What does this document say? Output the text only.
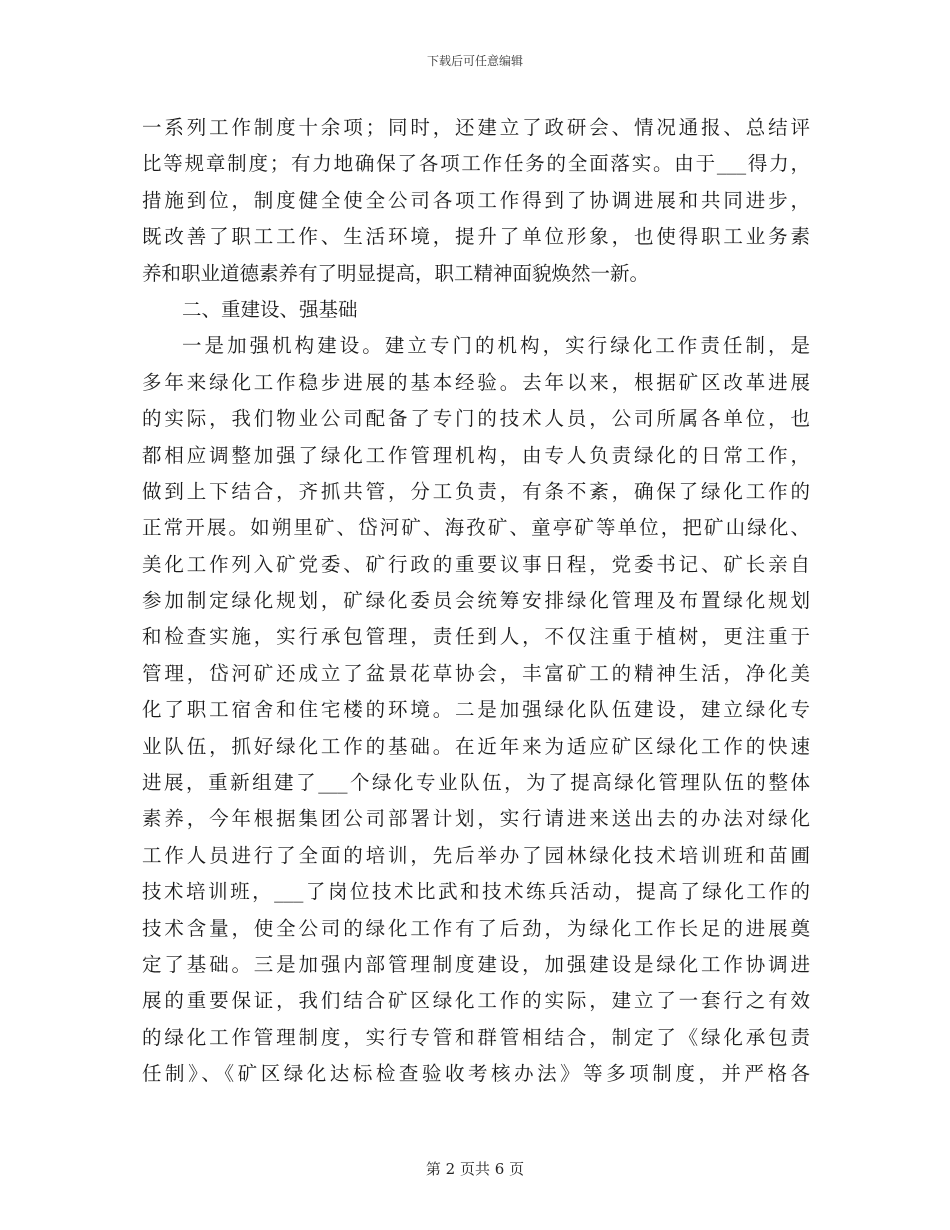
下载后可任意编辑
一系列工作制度十余项；同时，还建立了政研会、情况通报、总结评
比等规章制度；有力地确保了各项工作任务的全面落实。由于___得力，
措施到位，制度健全使全公司各项工作得到了协调进展和共同进步，
既改善了职工工作、生活环境，提升了单位形象，也使得职工业务素
养和职业道德素养有了明显提高，职工精神面貌焕然一新。
二、重建设、强基础
一是加强机构建设。建立专门的机构，实行绿化工作责任制，是
多年来绿化工作稳步进展的基本经验。去年以来，根据矿区改革进展
的实际，我们物业公司配备了专门的技术人员，公司所属各单位，也
都相应调整加强了绿化工作管理机构，由专人负责绿化的日常工作，
做到上下结合，齐抓共管，分工负责，有条不紊，确保了绿化工作的
正常开展。如朔里矿、岱河矿、海孜矿、童亭矿等单位，把矿山绿化、
美化工作列入矿党委、矿行政的重要议事日程，党委书记、矿长亲自
参加制定绿化规划，矿绿化委员会统筹安排绿化管理及布置绿化规划
和检查实施，实行承包管理，责任到人，不仅注重于植树，更注重于
管理，岱河矿还成立了盆景花草协会，丰富矿工的精神生活，净化美
化了职工宿舍和住宅楼的环境。二是加强绿化队伍建设，建立绿化专
业队伍，抓好绿化工作的基础。在近年来为适应矿区绿化工作的快速
进展，重新组建了___个绿化专业队伍，为了提高绿化管理队伍的整体
素养，今年根据集团公司部署计划，实行请进来送出去的办法对绿化
工作人员进行了全面的培训，先后举办了园林绿化技术培训班和苗圃
技术培训班，___了岗位技术比武和技术练兵活动，提高了绿化工作的
技术含量，使全公司的绿化工作有了后劲，为绿化工作长足的进展奠
定了基础。三是加强内部管理制度建设，加强建设是绿化工作协调进
展的重要保证，我们结合矿区绿化工作的实际，建立了一套行之有效
的绿化工作管理制度，实行专管和群管相结合，制定了《绿化承包责
任制》、《矿区绿化达标检查验收考核办法》等多项制度，并严格各
第 2 页共 6 页
